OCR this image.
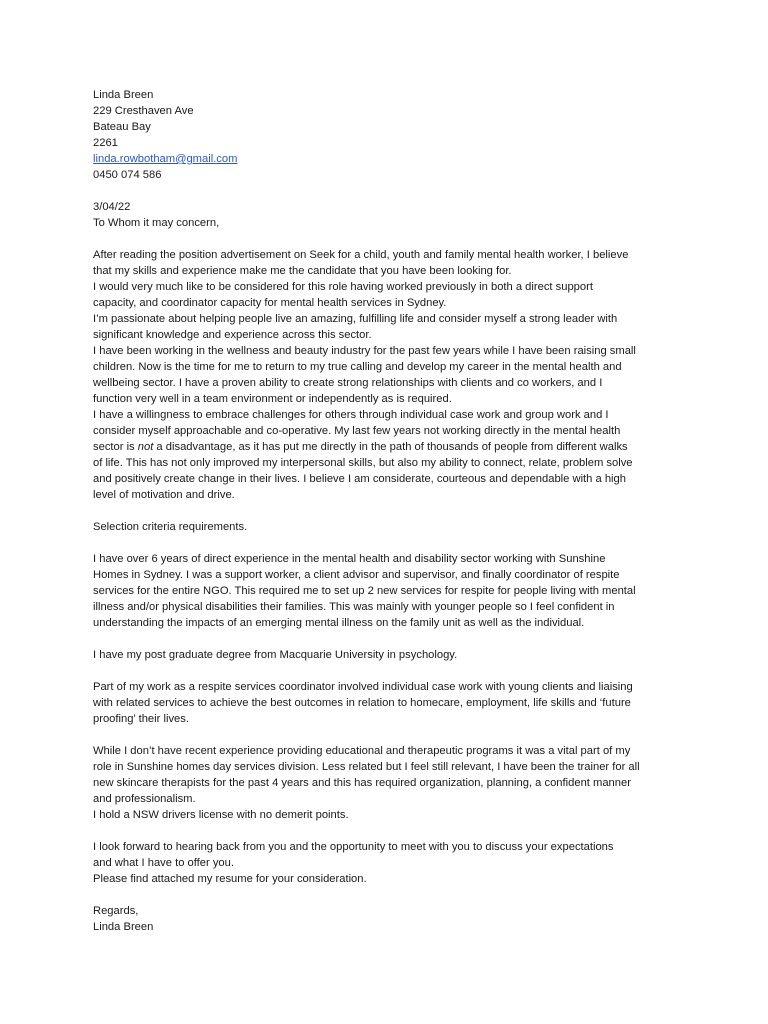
Linda Breen
229 Cresthaven Ave
Bateau Bay
2261
linda.rowbotham@gmail.com
0450 074 586
3/04/22
To Whom it may concern,
After reading the position advertisement on Seek for a child, youth and family mental health worker, I believe
that my skills and experience make me the candidate that you have been looking for.
I would very much like to be considered for this role having worked previously in both a direct support
capacity, and coordinator capacity for mental health services in Sydney.
I’m passionate about helping people live an amazing, fulfilling life and consider myself a strong leader with
significant knowledge and experience across this sector.
I have been working in the wellness and beauty industry for the past few years while I have been raising small
children. Now is the time for me to return to my true calling and develop my career in the mental health and
wellbeing sector. I have a proven ability to create strong relationships with clients and co workers, and I
function very well in a team environment or independently as is required.
I have a willingness to embrace challenges for others through individual case work and group work and I
consider myself approachable and co-operative. My last few years not working directly in the mental health
sector is not a disadvantage, as it has put me directly in the path of thousands of people from different walks
of life. This has not only improved my interpersonal skills, but also my ability to connect, relate, problem solve
and positively create change in their lives. I believe I am considerate, courteous and dependable with a high
level of motivation and drive.
Selection criteria requirements.
I have over 6 years of direct experience in the mental health and disability sector working with Sunshine
Homes in Sydney. I was a support worker, a client advisor and supervisor, and finally coordinator of respite
services for the entire NGO. This required me to set up 2 new services for respite for people living with mental
illness and/or physical disabilities their families. This was mainly with younger people so I feel confident in
understanding the impacts of an emerging mental illness on the family unit as well as the individual.
I have my post graduate degree from Macquarie University in psychology.
Part of my work as a respite services coordinator involved individual case work with young clients and liaising
with related services to achieve the best outcomes in relation to homecare, employment, life skills and ‘future
proofing’ their lives.
While I don’t have recent experience providing educational and therapeutic programs it was a vital part of my
role in Sunshine homes day services division. Less related but I feel still relevant, I have been the trainer for all
new skincare therapists for the past 4 years and this has required organization, planning, a confident manner
and professionalism.
I hold a NSW drivers license with no demerit points.
I look forward to hearing back from you and the opportunity to meet with you to discuss your expectations
and what I have to offer you.
Please find attached my resume for your consideration.
Regards,
Linda Breen
